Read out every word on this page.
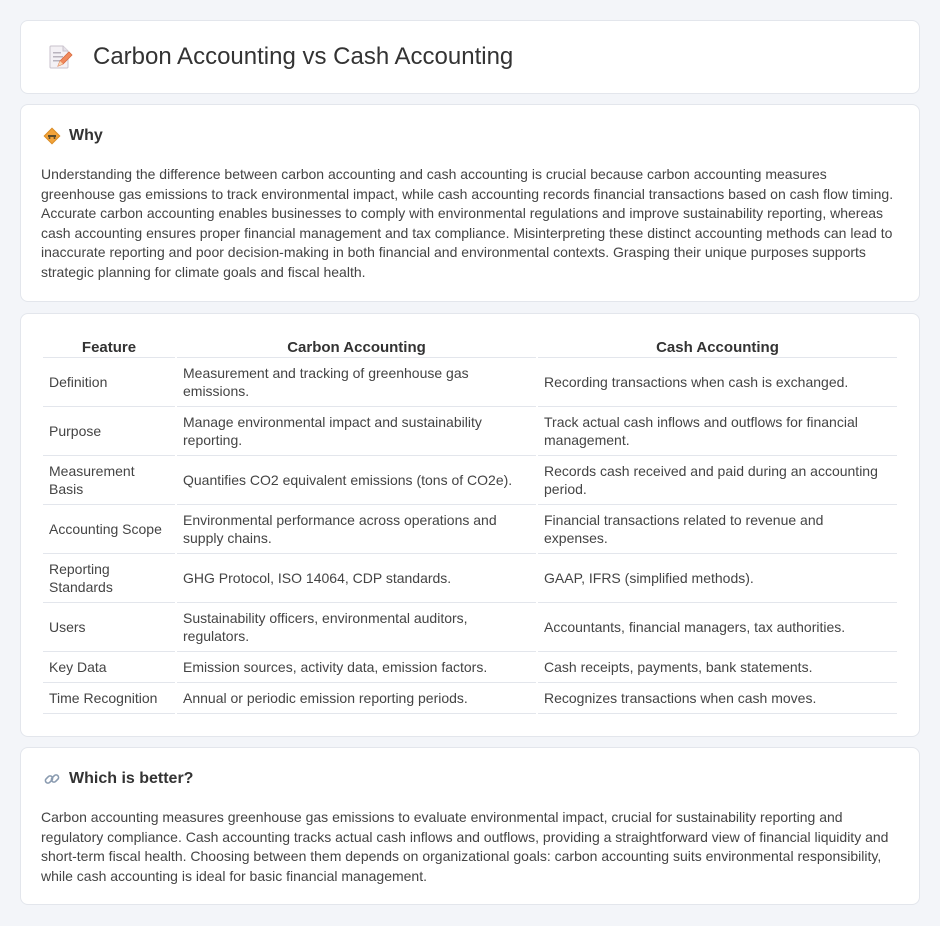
Carbon Accounting vs Cash Accounting
Why

Understanding the difference between carbon accounting and cash accounting is crucial because carbon accounting measures greenhouse gas emissions to track environmental impact, while cash accounting records financial transactions based on cash flow timing. Accurate carbon accounting enables businesses to comply with environmental regulations and improve sustainability reporting, whereas cash accounting ensures proper financial management and tax compliance. Misinterpreting these distinct accounting methods can lead to inaccurate reporting and poor decision-making in both financial and environmental contexts. Grasping their unique purposes supports strategic planning for climate goals and fiscal health.

Feature	Carbon Accounting	Cash Accounting
Definition	Measurement and tracking of greenhouse gas emissions.	Recording transactions when cash is exchanged.
Purpose	Manage environmental impact and sustainability reporting.	Track actual cash inflows and outflows for financial management.
Measurement Basis	Quantifies CO2 equivalent emissions (tons of CO2e).	Records cash received and paid during an accounting period.
Accounting Scope	Environmental performance across operations and supply chains.	Financial transactions related to revenue and expenses.
Reporting Standards	GHG Protocol, ISO 14064, CDP standards.	GAAP, IFRS (simplified methods).
Users	Sustainability officers, environmental auditors, regulators.	Accountants, financial managers, tax authorities.
Key Data	Emission sources, activity data, emission factors.	Cash receipts, payments, bank statements.
Time Recognition	Annual or periodic emission reporting periods.	Recognizes transactions when cash moves.
Which is better?

Carbon accounting measures greenhouse gas emissions to evaluate environmental impact, crucial for sustainability reporting and regulatory compliance. Cash accounting tracks actual cash inflows and outflows, providing a straightforward view of financial liquidity and short-term fiscal health. Choosing between them depends on organizational goals: carbon accounting suits environmental responsibility, while cash accounting is ideal for basic financial management.
